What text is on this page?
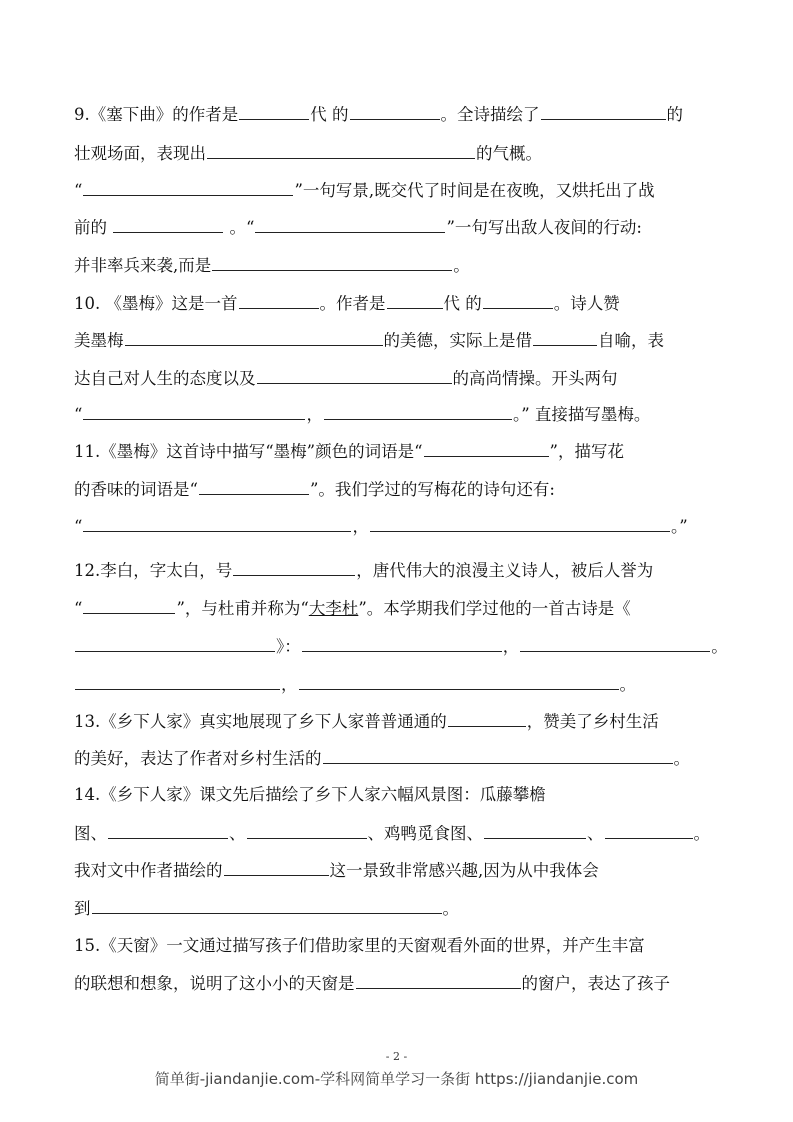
9.《塞下曲》的作者是	代 的	。全诗描绘了	的
壮观场面，表现出	的气概。
“	”一句写景,既交代了时间是在夜晚，又烘托出了战
前的	。“	”一句写出敌人夜间的行动:
并非率兵来袭,而是	。
10. 《墨梅》这是一首	。作者是	代 的	。诗人赞
美墨梅	的美德，实际上是借	自喻，表
达自己对人生的态度以及	的高尚情操。开头两句
“	，	。” 直接描写墨梅。
11.《墨梅》这首诗中描写“墨梅”颜色的词语是“	”，描写花
的香味的词语是“	”。我们学过的写梅花的诗句还有:
“	，	。”
12.李白，字太白，号	，唐代伟大的浪漫主义诗人，被后人誉为
“	”，与杜甫并称为“大李杜”。本学期我们学过他的一首古诗是《
》：	，	。
，	。
13.《乡下人家》真实地展现了乡下人家普普通通的	，赞美了乡村生活
的美好，表达了作者对乡村生活的	。
14.《乡下人家》课文先后描绘了乡下人家六幅风景图：瓜藤攀檐
图、	、	、鸡鸭觅食图、	、	。
我对文中作者描绘的	这一景致非常感兴趣,因为从中我体会
到	。
15.《天窗》一文通过描写孩子们借助家里的天窗观看外面的世界，并产生丰富
的联想和想象，说明了这小小的天窗是	的窗户，表达了孩子
- 2 -
简单街-jiandanjie.com-学科网简单学习一条街 https://jiandanjie.com
